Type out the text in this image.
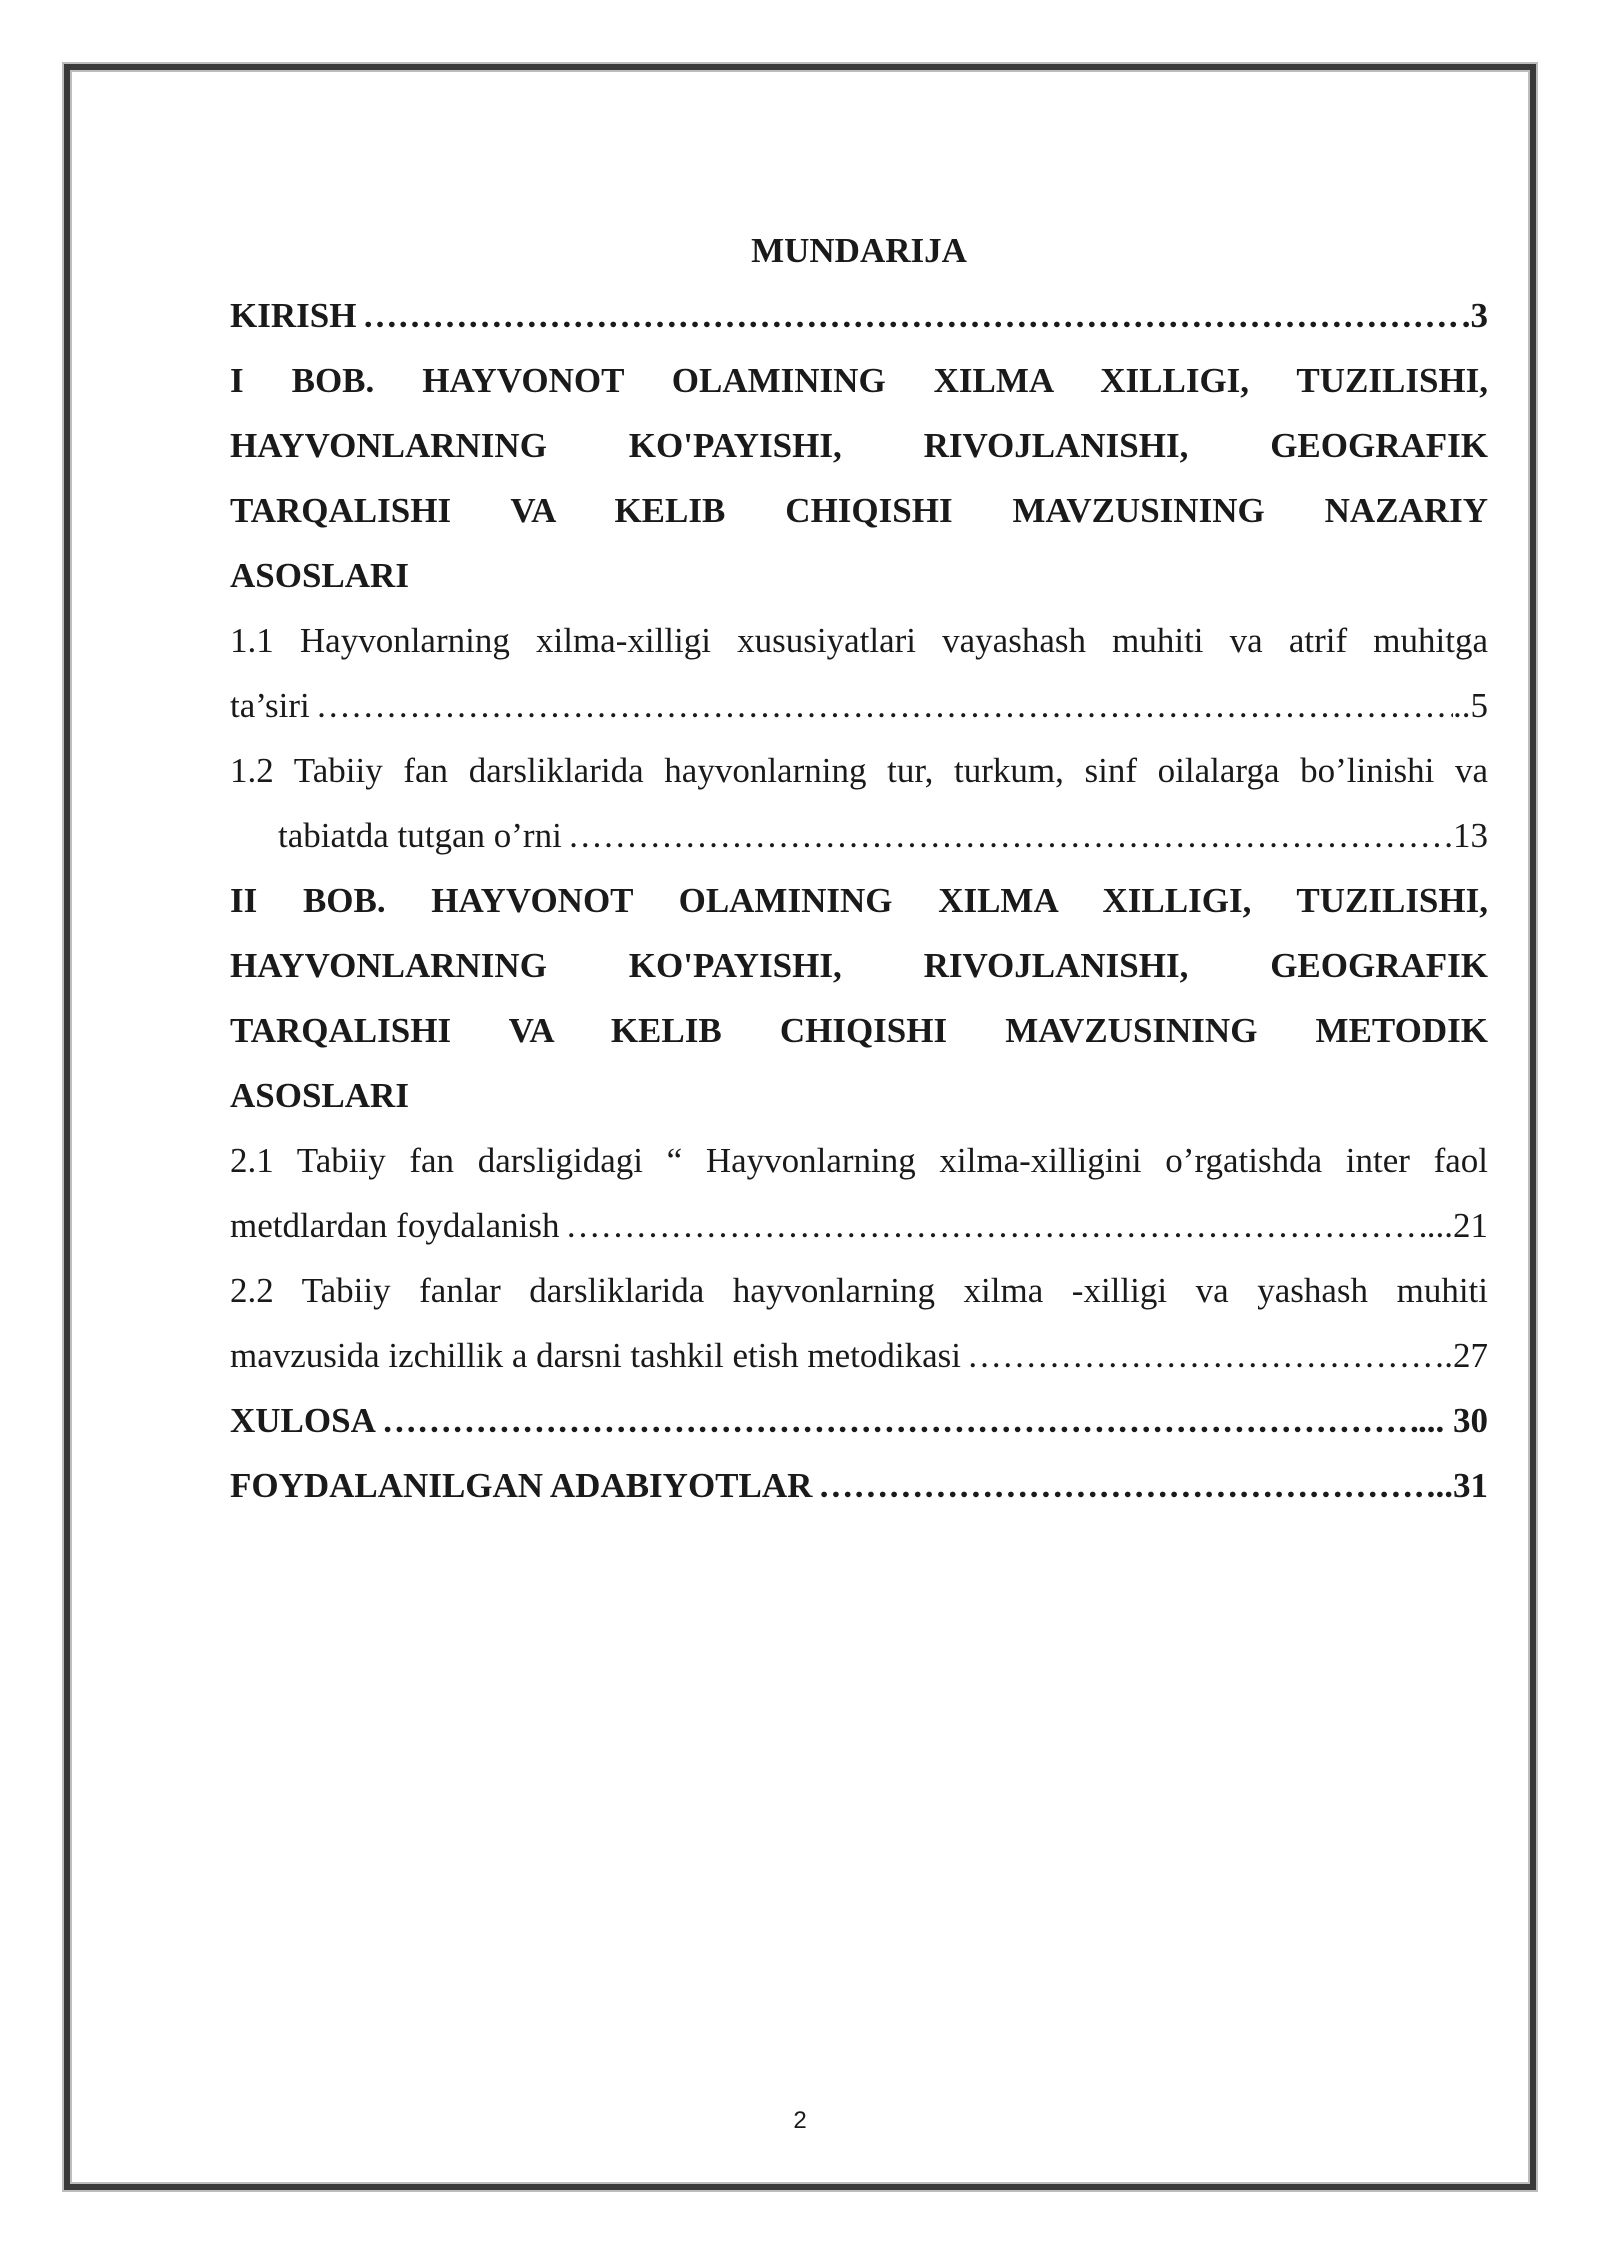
MUNDARIJA
KIRISH ………………………………………………………………………………………………………………………………………………………………………………………………………………………………………	.3
I BOB. HAYVONOT OLAMINING XILMA XILLIGI, TUZILISHI,
HAYVONLARNING KO'PAYISHI, RIVOJLANISHI, GEOGRAFIK
TARQALISHI VA KELIB CHIQISHI MAVZUSINING NAZARIY
ASOSLARI
1.1 Hayvonlarning xilma-xilligi xususiyatlari vayashash muhiti va atrif muhitga
ta’siri ………………………………………………………………………………………………………………………………………………………………………………………………………………………………………	..5
1.2 Tabiiy fan darsliklarida hayvonlarning tur, turkum, sinf oilalarga bo’linishi va
tabiatda tutgan o’rni ………………………………………………………………………………………………………………………………………………………………………………………………………………………………………	.13
II BOB. HAYVONOT OLAMINING XILMA XILLIGI, TUZILISHI,
HAYVONLARNING KO'PAYISHI, RIVOJLANISHI, GEOGRAFIK
TARQALISHI VA KELIB CHIQISHI MAVZUSINING METODIK
ASOSLARI
2.1 Tabiiy fan darsligidagi “ Hayvonlarning xilma-xilligini o’rgatishda inter faol
metdlardan foydalanish ………………………………………………………………………………………………………………………………………………………………………………………………………………………………………	...21
2.2 Tabiiy fanlar darsliklarida hayvonlarning xilma -xilligi va yashash muhiti
mavzusida izchillik a darsni tashkil etish metodikasi ………………………………………………………………………………………………………………………………………………………………………………………………………………………………………	.27
XULOSA ………………………………………………………………………………………………………………………………………………………………………………………………………………………………………	... 30
FOYDALANILGAN ADABIYOTLAR ………………………………………………………………………………………………………………………………………………………………………………………………………………………………………	..31
2
